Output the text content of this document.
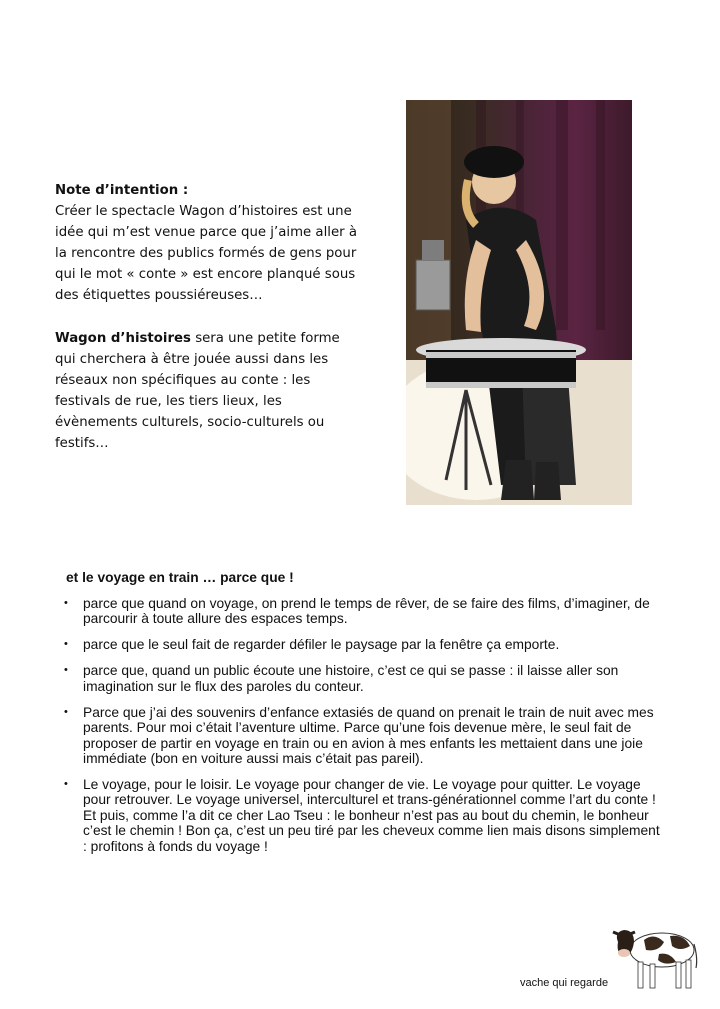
Note d’intention :

Créer le spectacle Wagon d’histoires est une idée qui m’est venue parce que j’aime aller à la rencontre des publics formés de gens pour qui le mot « conte » est encore planqué sous des étiquettes poussiéreuses…

Wagon d’histoires sera une petite forme qui cherchera à être jouée aussi dans les réseaux non spécifiques au conte : les festivals de rue, les tiers lieux, les évènements culturels, socio-culturels ou festifs…

et le voyage en train … parce que !
• parce que quand on voyage, on prend le temps de rêver, de se faire des films, d’imaginer, de parcourir à toute allure des espaces temps.
• parce que le seul fait de regarder défiler le paysage par la fenêtre ça emporte.
• parce que, quand un public écoute une histoire, c’est ce qui se passe : il laisse aller son imagination sur le flux des paroles du conteur.
• Parce que j’ai des souvenirs d’enfance extasiés de quand on prenait le train de nuit avec mes parents. Pour moi c’était l’aventure ultime. Parce qu’une fois devenue mère, le seul fait de proposer de partir en voyage en train ou en avion à mes enfants les mettaient dans une joie immédiate (bon en voiture aussi mais c’était pas pareil).
• Le voyage, pour le loisir. Le voyage pour changer de vie. Le voyage pour quitter. Le voyage pour retrouver. Le voyage universel, interculturel et trans-générationnel comme l’art du conte ! Et puis, comme l’a dit ce cher Lao Tseu : le bonheur n’est pas au bout du chemin, le bonheur c’est le chemin ! Bon ça, c’est un peu tiré par les cheveux comme lien mais disons simplement : profitons à fonds du voyage !
vache qui regarde
